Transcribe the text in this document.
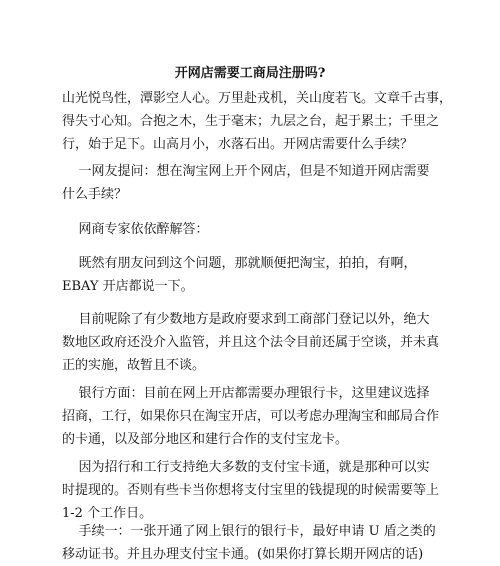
开网店需要工商局注册吗?

山光悦鸟性，潭影空人心。万里赴戎机，关山度若飞。文章千古事，
得失寸心知。合抱之木，生于毫末；九层之台，起于累土；千里之
行，始于足下。山高月小，水落石出。开网店需要什么手续？

一网友提问：想在淘宝网上开个网店，但是不知道开网店需要
什么手续？

网商专家依依醉解答：

既然有朋友问到这个问题，那就顺便把淘宝，拍拍，有啊，
EBAY 开店都说一下。

目前呢除了有少数地方是政府要求到工商部门登记以外，绝大
数地区政府还没介入监管，并且这个法令目前还属于空谈，并未真
正的实施，故暂且不谈。

银行方面：目前在网上开店都需要办理银行卡，这里建议选择
招商，工行，如果你只在淘宝开店，可以考虑办理淘宝和邮局合作
的卡通，以及部分地区和建行合作的支付宝龙卡。

因为招行和工行支持绝大多数的支付宝卡通，就是那种可以实
时提现的。否则有些卡当你想将支付宝里的钱提现的时候需要等上
1-2 个工作日。

手续一：一张开通了网上银行的银行卡，最好申请 U 盾之类的
移动证书。并且办理支付宝卡通。(如果你打算长期开网店的话)
